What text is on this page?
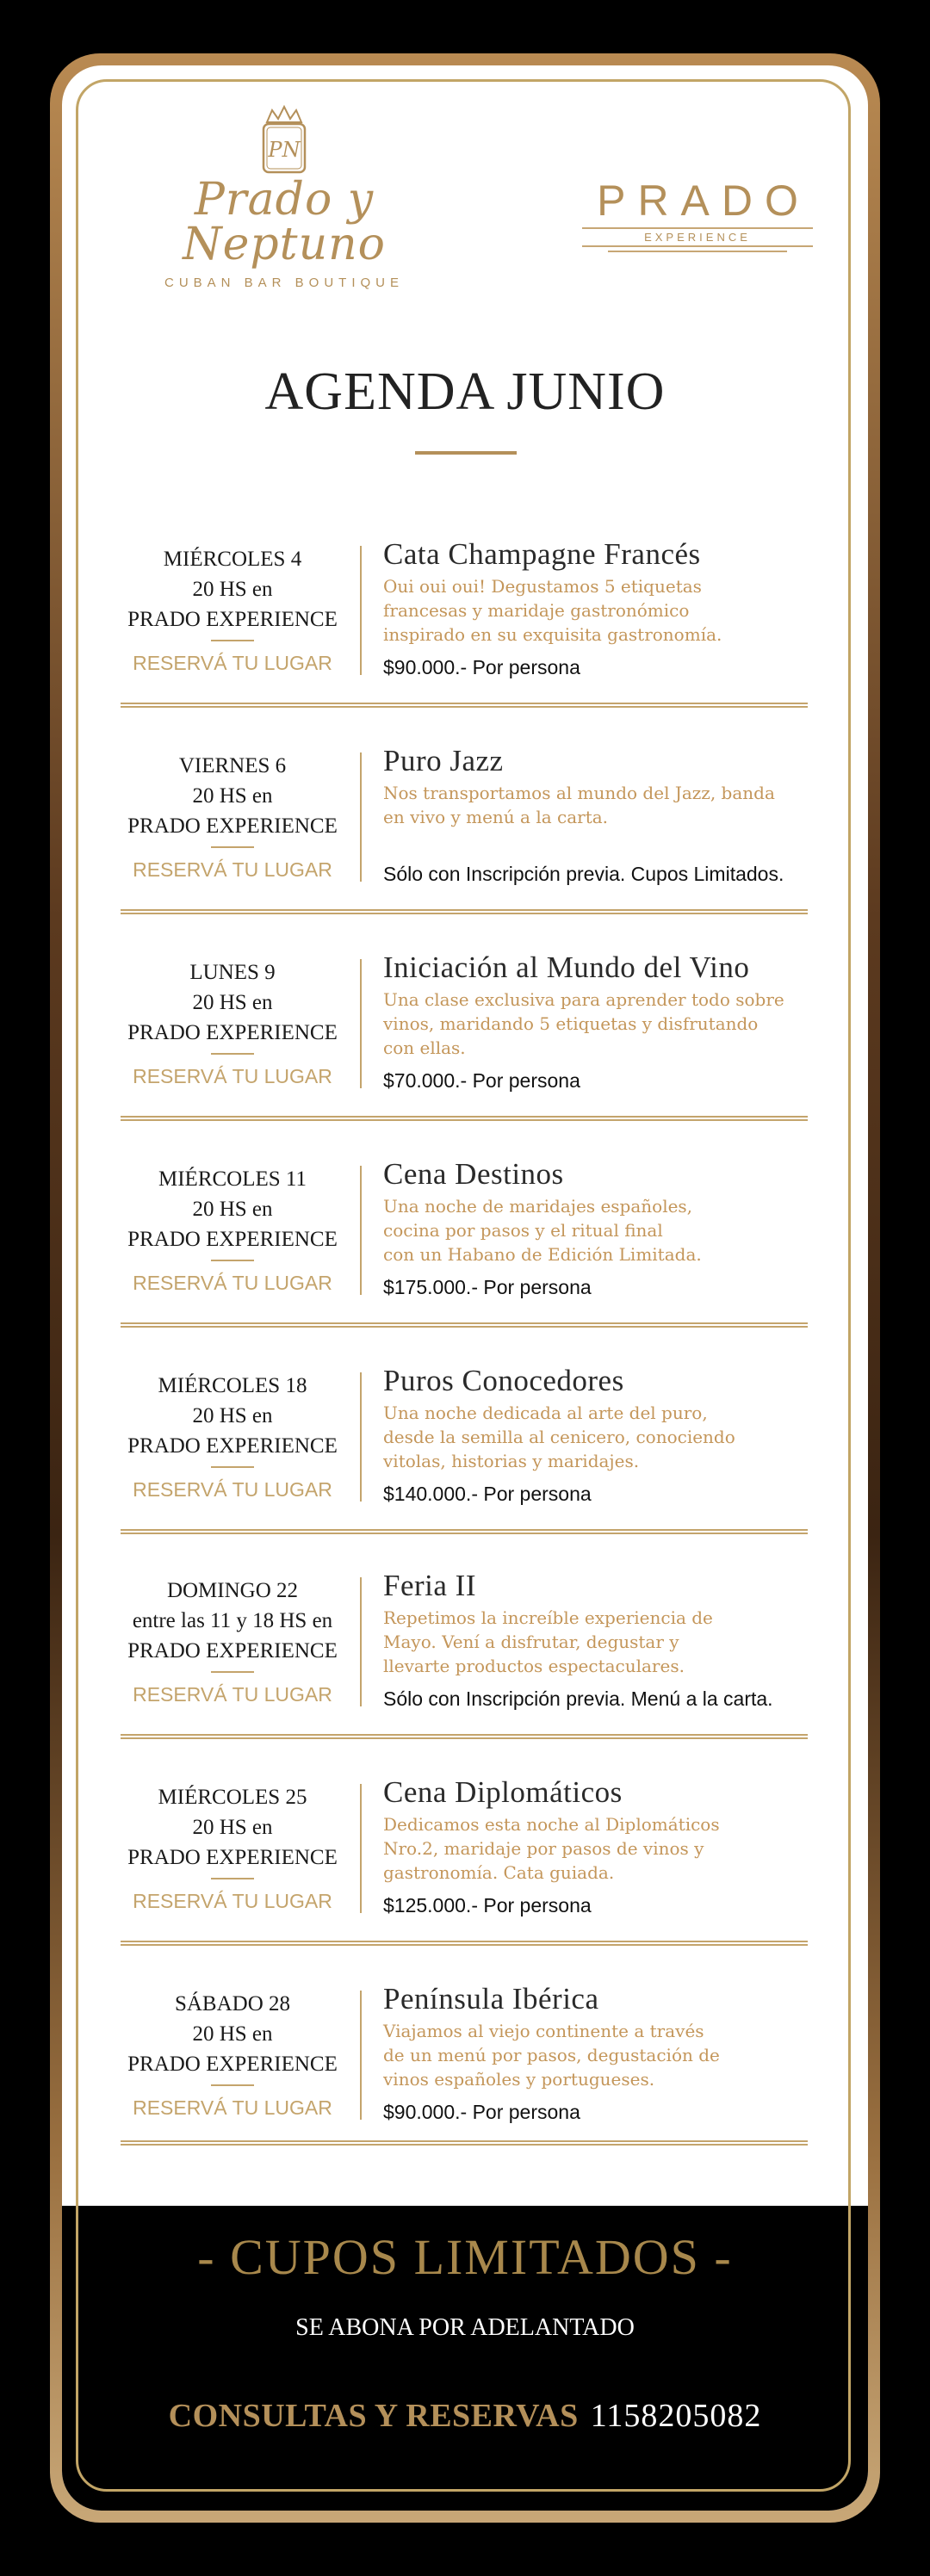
PN
Prado y Neptuno
CUBAN BAR BOUTIQUE
PRADO
EXPERIENCE
AGENDA JUNIO
MIÉRCOLES 4
20 HS en
PRADO EXPERIENCE
RESERVÁ TU LUGAR
Cata Champagne Francés
Oui oui oui! Degustamos 5 etiquetas
francesas y maridaje gastronómico
inspirado en su exquisita gastronomía.
$90.000.- Por persona
VIERNES 6
20 HS en
PRADO EXPERIENCE
RESERVÁ TU LUGAR
Puro Jazz
Nos transportamos al mundo del Jazz, banda
en vivo y menú a la carta.
Sólo con Inscripción previa. Cupos Limitados.
LUNES 9
20 HS en
PRADO EXPERIENCE
RESERVÁ TU LUGAR
Iniciación al Mundo del Vino
Una clase exclusiva para aprender todo sobre
vinos, maridando 5 etiquetas y disfrutando
con ellas.
$70.000.- Por persona
MIÉRCOLES 11
20 HS en
PRADO EXPERIENCE
RESERVÁ TU LUGAR
Cena Destinos
Una noche de maridajes españoles,
cocina por pasos y el ritual final
con un Habano de Edición Limitada.
$175.000.- Por persona
MIÉRCOLES 18
20 HS en
PRADO EXPERIENCE
RESERVÁ TU LUGAR
Puros Conocedores
Una noche dedicada al arte del puro,
desde la semilla al cenicero, conociendo
vitolas, historias y maridajes.
$140.000.- Por persona
DOMINGO 22
entre las 11 y 18 HS en
PRADO EXPERIENCE
RESERVÁ TU LUGAR
Feria II
Repetimos la increíble experiencia de
Mayo. Vení a disfrutar, degustar y
llevarte productos espectaculares.
Sólo con Inscripción previa. Menú a la carta.
MIÉRCOLES 25
20 HS en
PRADO EXPERIENCE
RESERVÁ TU LUGAR
Cena Diplomáticos
Dedicamos esta noche al Diplomáticos
Nro.2, maridaje por pasos de vinos y
gastronomía. Cata guiada.
$125.000.- Por persona
SÁBADO 28
20 HS en
PRADO EXPERIENCE
RESERVÁ TU LUGAR
Península Ibérica
Viajamos al viejo continente a través
de un menú por pasos, degustación de
vinos españoles y portugueses.
$90.000.- Por persona
- CUPOS LIMITADOS -
SE ABONA POR ADELANTADO
CONSULTAS Y RESERVAS 1158205082
